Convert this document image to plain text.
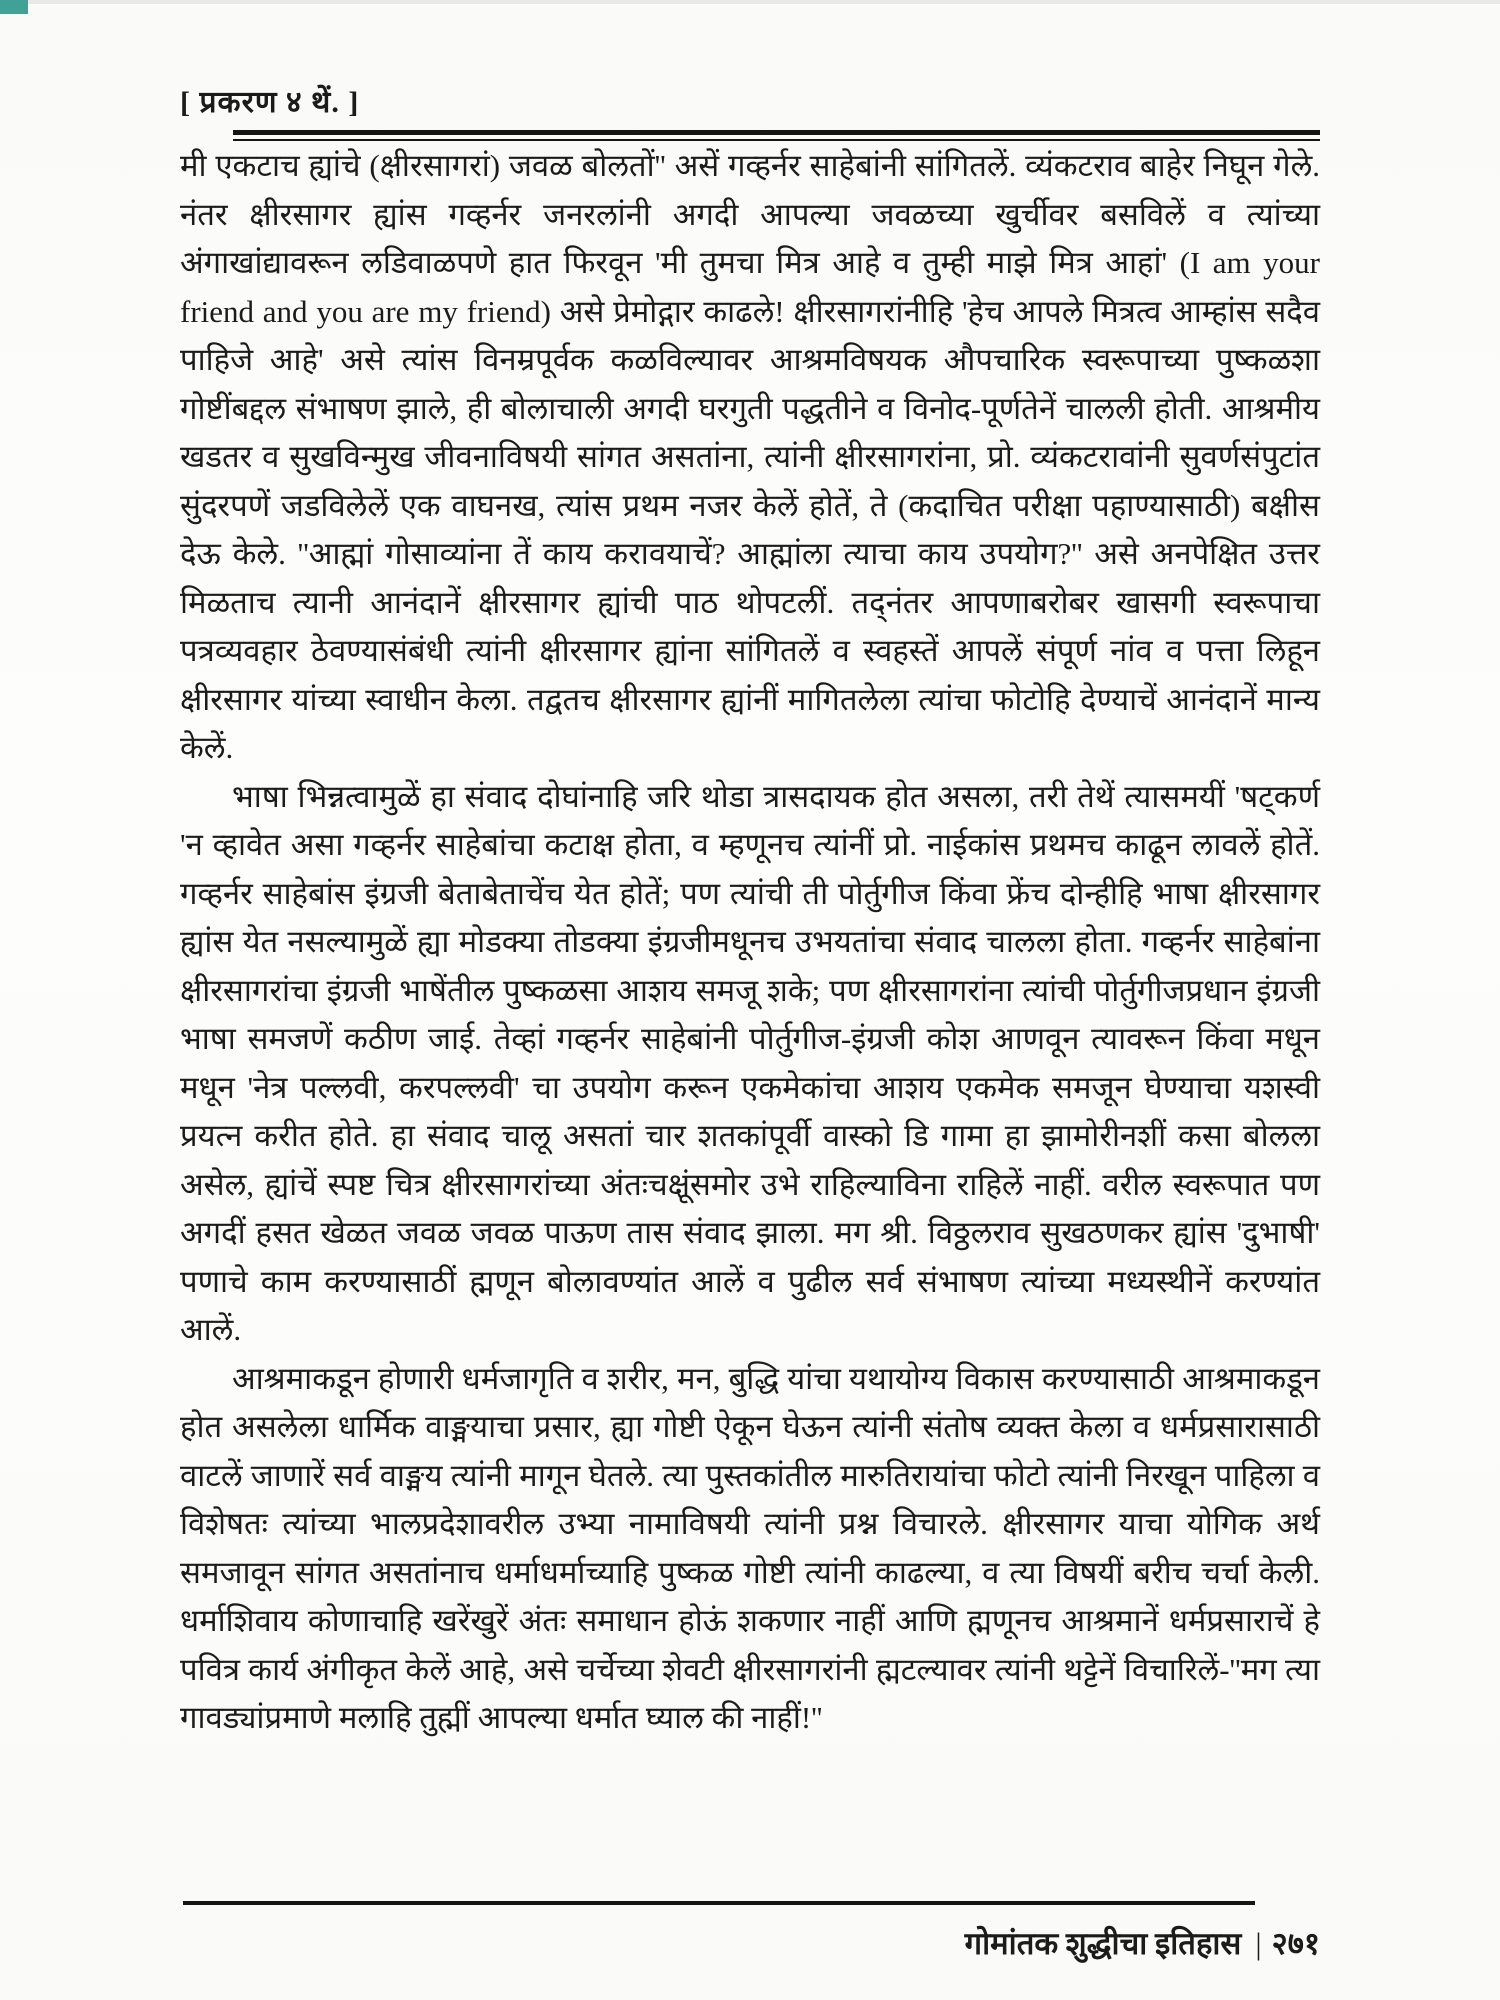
[ प्रकरण ४ थें. ]

मी एकटाच ह्यांचे (क्षीरसागरां) जवळ बोलतों'' असें गव्हर्नर साहेबांनी सांगितलें. व्यंकटराव बाहेर निघून गेले. नंतर क्षीरसागर ह्यांस गव्हर्नर जनरलांनी अगदी आपल्या जवळच्या खुर्चीवर बसविलें व त्यांच्या अंगाखांद्यावरून लडिवाळपणे हात फिरवून 'मी तुमचा मित्र आहे व तुम्ही माझे मित्र आहां' (I am your friend and you are my friend) असे प्रेमोद्गार काढले! क्षीरसागरांनीहि 'हेच आपले मित्रत्व आम्हांस सदैव पाहिजे आहे' असे त्यांस विनम्रपूर्वक कळविल्यावर आश्रमविषयक औपचारिक स्वरूपाच्या पुष्कळशा गोष्टींबद्दल संभाषण झाले, ही बोलाचाली अगदी घरगुती पद्धतीने व विनोद-पूर्णतेनें चालली होती. आश्रमीय खडतर व सुखविन्मुख जीवनाविषयी सांगत असतांना, त्यांनी क्षीरसागरांना, प्रो. व्यंकटरावांनी सुवर्णसंपुटांत सुंदरपणें जडविलेलें एक वाघनख, त्यांस प्रथम नजर केलें होतें, ते (कदाचित परीक्षा पहाण्यासाठी) बक्षीस देऊ केले. ''आह्मां गोसाव्यांना तें काय करावयाचें? आह्मांला त्याचा काय उपयोग?'' असे अनपेक्षित उत्तर मिळताच त्यानी आनंदानें क्षीरसागर ह्यांची पाठ थोपटलीं. तद्नंतर आपणाबरोबर खासगी स्वरूपाचा पत्रव्यवहार ठेवण्यासंबंधी त्यांनी क्षीरसागर ह्यांना सांगितलें व स्वहस्तें आपलें संपूर्ण नांव व पत्ता लिहून क्षीरसागर यांच्या स्वाधीन केला. तद्वतच क्षीरसागर ह्यांनीं मागितलेला त्यांचा फोटोहि देण्याचें आनंदानें मान्य केलें.

भाषा भिन्नत्वामुळें हा संवाद दोघांनाहि जरि थोडा त्रासदायक होत असला, तरी तेथें त्यासमयीं 'षट्कर्ण 'न व्हावेत असा गव्हर्नर साहेबांचा कटाक्ष होता, व म्हणूनच त्यांनीं प्रो. नाईकांस प्रथमच काढून लावलें होतें. गव्हर्नर साहेबांस इंग्रजी बेताबेताचेंच येत होतें; पण त्यांची ती पोर्तुगीज किंवा फ्रेंच दोन्हीहि भाषा क्षीरसागर ह्यांस येत नसल्यामुळें ह्या मोडक्या तोडक्या इंग्रजीमधूनच उभयतांचा संवाद चालला होता. गव्हर्नर साहेबांना क्षीरसागरांचा इंग्रजी भाषेंतील पुष्कळसा आशय समजू शके; पण क्षीरसागरांना त्यांची पोर्तुगीजप्रधान इंग्रजी भाषा समजणें कठीण जाई. तेव्हां गव्हर्नर साहेबांनी पोर्तुगीज-इंग्रजी कोश आणवून त्यावरून किंवा मधून मधून 'नेत्र पल्लवी, करपल्लवी' चा उपयोग करून एकमेकांचा आशय एकमेक समजून घेण्याचा यशस्वी प्रयत्न करीत होते. हा संवाद चालू असतां चार शतकांपूर्वी वास्को डि गामा हा झामोरीनशीं कसा बोलला असेल, ह्यांचें स्पष्ट चित्र क्षीरसागरांच्या अंतःचक्षूंसमोर उभे राहिल्याविना राहिलें नाहीं. वरील स्वरूपात पण अगदीं हसत खेळत जवळ जवळ पाऊण तास संवाद झाला. मग श्री. विठ्ठलराव सुखठणकर ह्यांस 'दुभाषी' पणाचे काम करण्यासाठीं ह्मणून बोलावण्यांत आलें व पुढील सर्व संभाषण त्यांच्या मध्यस्थीनें करण्यांत आलें.

आश्रमाकडून होणारी धर्मजागृति व शरीर, मन, बुद्धि यांचा यथायोग्य विकास करण्यासाठी आश्रमाकडून होत असलेला धार्मिक वाङ्मयाचा प्रसार, ह्या गोष्टी ऐकून घेऊन त्यांनी संतोष व्यक्त केला व धर्मप्रसारासाठी वाटलें जाणारें सर्व वाङ्मय त्यांनी मागून घेतले. त्या पुस्तकांतील मारुतिरायांचा फोटो त्यांनी निरखून पाहिला व विशेषतः त्यांच्या भालप्रदेशावरील उभ्या नामाविषयी त्यांनी प्रश्न विचारले. क्षीरसागर याचा योगिक अर्थ समजावून सांगत असतांनाच धर्माधर्माच्याहि पुष्कळ गोष्टी त्यांनी काढल्या, व त्या विषयीं बरीच चर्चा केली. धर्माशिवाय कोणाचाहि खरेंखुरें अंतः समाधान होऊं शकणार नाहीं आणि ह्मणूनच आश्रमानें धर्मप्रसाराचें हे पवित्र कार्य अंगीकृत केलें आहे, असे चर्चेच्या शेवटी क्षीरसागरांनी ह्मटल्यावर त्यांनी थट्टेनें विचारिलें-''मग त्या गावड्यांप्रमाणे मलाहि तुह्मीं आपल्या धर्मात घ्याल की नाहीं!''

गोमांतक शुद्धीचा इतिहास | २७१
